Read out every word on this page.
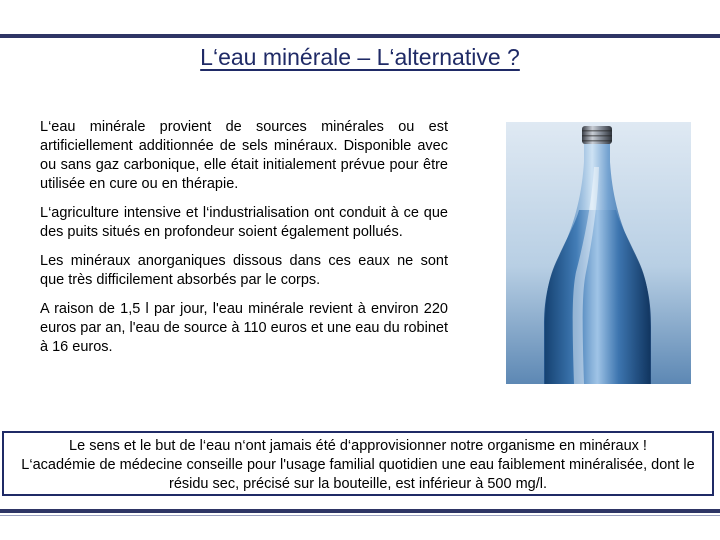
L‘eau minérale – L‘alternative ?

L‘eau minérale provient de sources minérales ou est artificiellement additionnée de sels minéraux. Disponible avec ou sans gaz carbonique, elle était initialement prévue pour être utilisée en cure ou en thérapie.

L‘agriculture intensive et l‘industrialisation ont conduit à ce que des puits situés en profondeur soient également pollués.

Les minéraux anorganiques dissous dans ces eaux ne sont que très difficilement absorbés par le corps.

A raison de 1,5 l par jour, l'eau minérale revient à environ 220 euros par an, l'eau de source à 110 euros et une eau du robinet à 16 euros.

Le sens et le but de l‘eau n‘ont jamais été d‘approvisionner notre organisme en minéraux !

L‘académie de médecine conseille pour l'usage familial quotidien une eau faiblement minéralisée, dont le résidu sec, précisé sur la bouteille, est inférieur à 500 mg/l.
